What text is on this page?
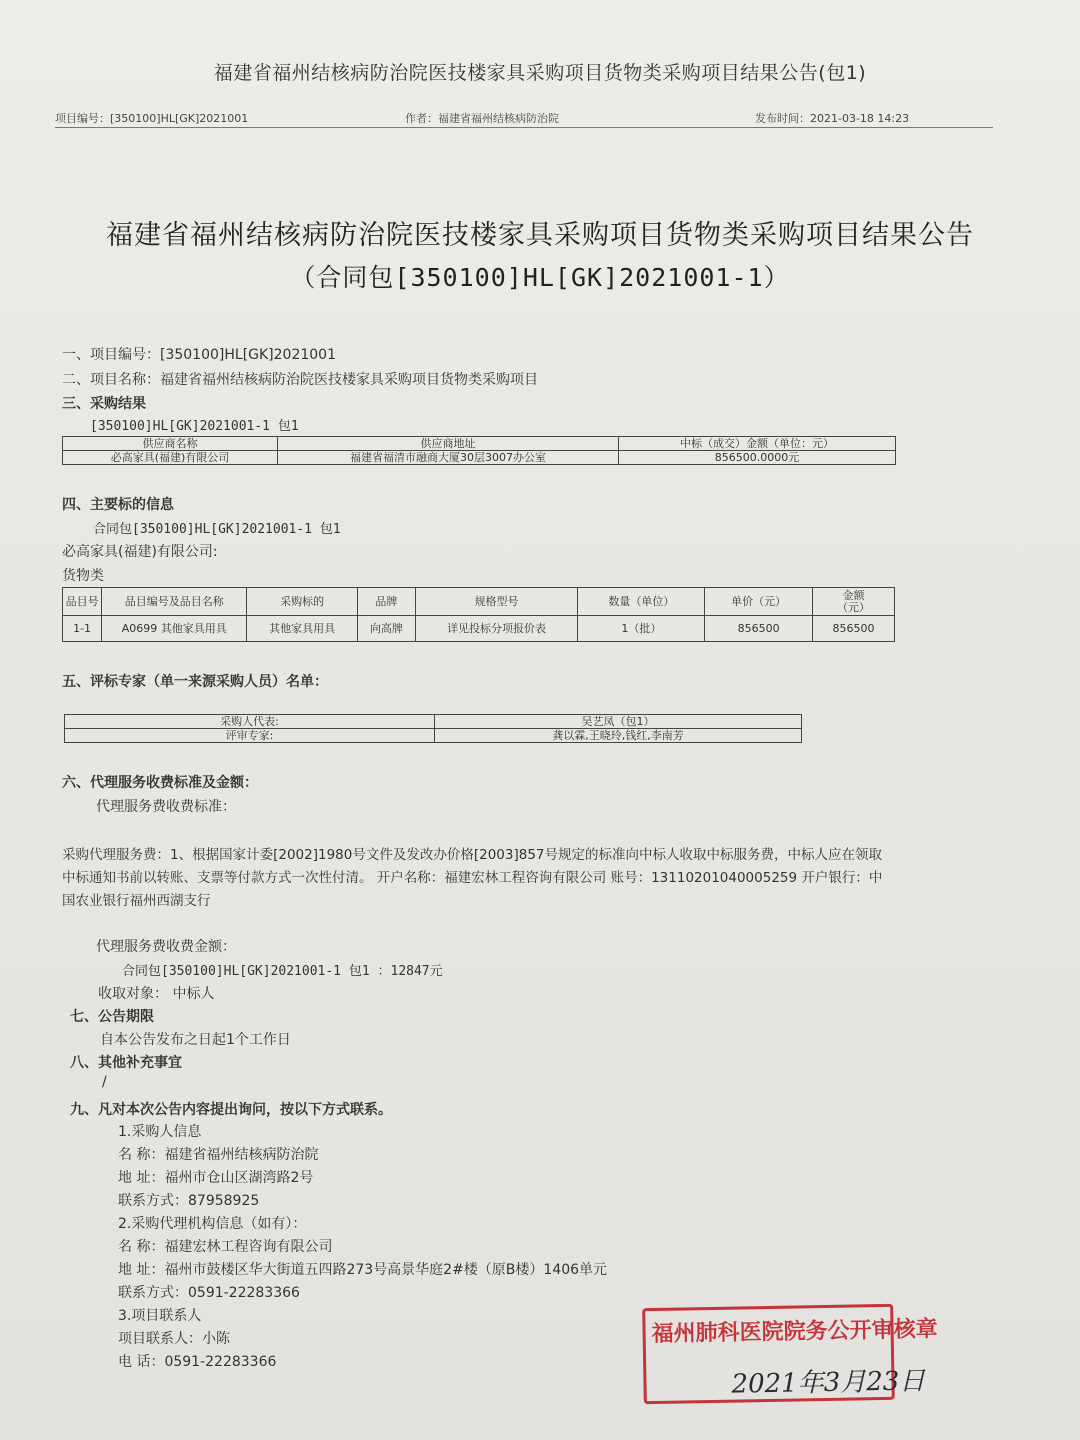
福建省福州结核病防治院医技楼家具采购项目货物类采购项目结果公告(包1)
项目编号：[350100]HL[GK]2021001	作者：福建省福州结核病防治院	发布时间：2021-03-18 14:23
福建省福州结核病防治院医技楼家具采购项目货物类采购项目结果公告
（合同包[350100]HL[GK]2021001-1）
一、项目编号：[350100]HL[GK]2021001
二、项目名称：福建省福州结核病防治院医技楼家具采购项目货物类采购项目
三、采购结果
[350100]HL[GK]2021001-1 包1
供应商名称	供应商地址	中标（成交）金额（单位：元）
必高家具(福建)有限公司	福建省福清市融商大厦30层3007办公室	856500.0000元
四、主要标的信息
合同包[350100]HL[GK]2021001-1 包1
必高家具(福建)有限公司:
货物类
品目号	品目编号及品目名称	采购标的	品牌	规格型号	数量（单位）	单价（元）	金额（元）
1-1	A0699 其他家具用具	其他家具用具	向高牌	详见投标分项报价表	1（批）	856500	856500
五、评标专家（单一来源采购人员）名单：
采购人代表:	吴艺凤（包1）
评审专家:	龚以霖,王晓玲,钱红,李南芳
六、代理服务收费标准及金额：
代理服务费收费标准：
采购代理服务费：1、根据国家计委[2002]1980号文件及发改办价格[2003]857号规定的标准向中标人收取中标服务费，中标人应在领取
中标通知书前以转账、支票等付款方式一次性付清。 开户名称：福建宏林工程咨询有限公司 账号：13110201040005259 开户银行：中
国农业银行福州西湖支行
代理服务费收费金额：
合同包[350100]HL[GK]2021001-1 包1 ：12847元
收取对象： 中标人
七、公告期限
自本公告发布之日起1个工作日
八、其他补充事宜
/
九、凡对本次公告内容提出询问，按以下方式联系。
1.采购人信息
名 称：福建省福州结核病防治院
地 址：福州市仓山区湖湾路2号
联系方式：87958925
2.采购代理机构信息（如有）：
名 称：福建宏林工程咨询有限公司
地 址：福州市鼓楼区华大街道五四路273号高景华庭2#楼（原B楼）1406单元
联系方式：0591-22283366
3.项目联系人
项目联系人：小陈
电 话：0591-22283366
福州肺科医院院务公开审核章
2021年3月23日
